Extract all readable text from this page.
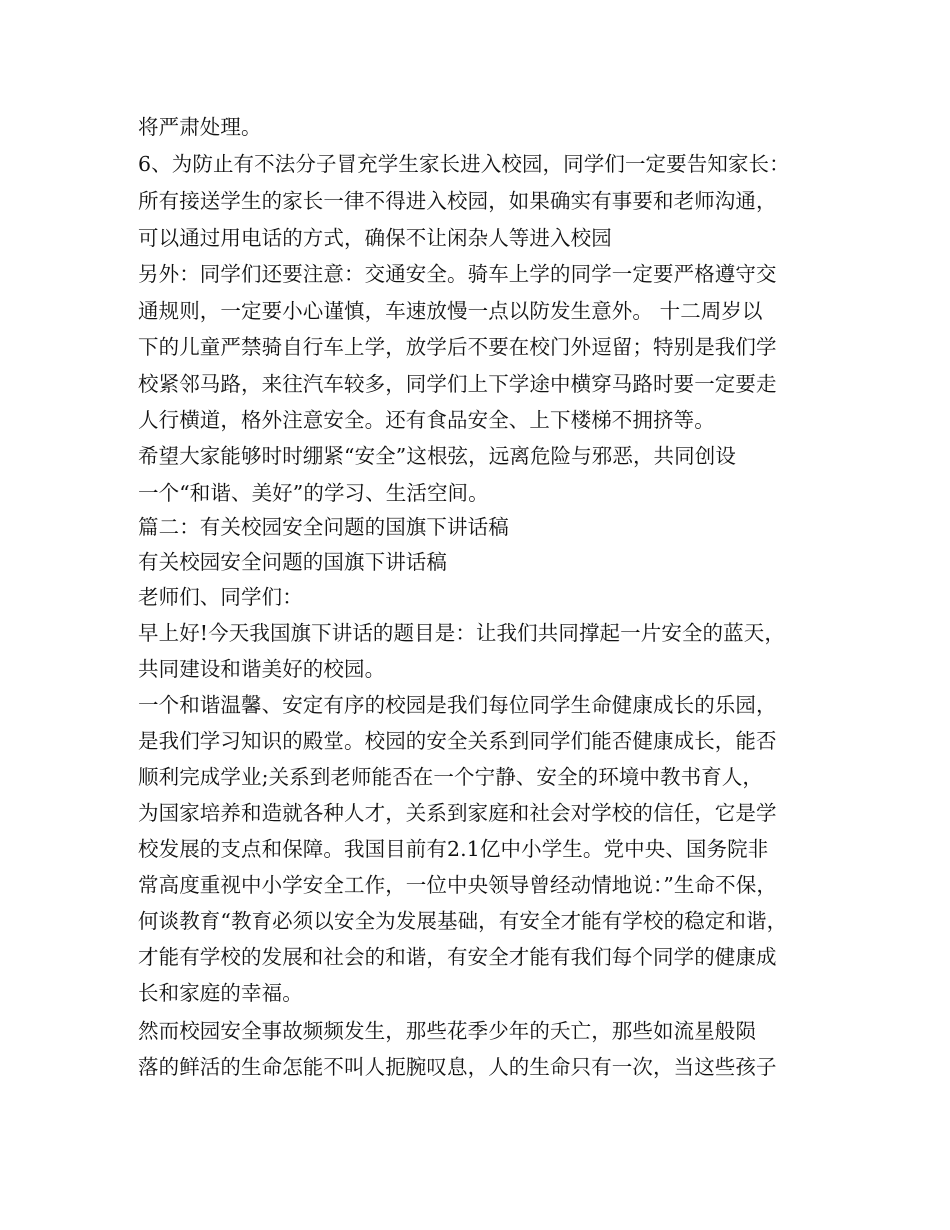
将严肃处理。
6、为防止有不法分子冒充学生家长进入校园，同学们一定要告知家长：
所有接送学生的家长一律不得进入校园，如果确实有事要和老师沟通，
可以通过用电话的方式，确保不让闲杂人等进入校园
另外：同学们还要注意：交通安全。骑车上学的同学一定要严格遵守交
通规则，一定要小心谨慎，车速放慢一点以防发生意外。 十二周岁以
下的儿童严禁骑自行车上学，放学后不要在校门外逗留；特别是我们学
校紧邻马路，来往汽车较多，同学们上下学途中横穿马路时要一定要走
人行横道，格外注意安全。还有食品安全、上下楼梯不拥挤等。
希望大家能够时时绷紧“安全”这根弦，远离危险与邪恶，共同创设
一个“和谐、美好”的学习、生活空间。
篇二：有关校园安全问题的国旗下讲话稿
有关校园安全问题的国旗下讲话稿
老师们、同学们：
早上好!今天我国旗下讲话的题目是：让我们共同撑起一片安全的蓝天，
共同建设和谐美好的校园。
一个和谐温馨、安定有序的校园是我们每位同学生命健康成长的乐园，
是我们学习知识的殿堂。校园的安全关系到同学们能否健康成长，能否
顺利完成学业;关系到老师能否在一个宁静、安全的环境中教书育人，
为国家培养和造就各种人才，关系到家庭和社会对学校的信任，它是学
校发展的支点和保障。我国目前有2.1亿中小学生。党中央、国务院非
常高度重视中小学安全工作，一位中央领导曾经动情地说：”生命不保，
何谈教育“教育必须以安全为发展基础，有安全才能有学校的稳定和谐，
才能有学校的发展和社会的和谐，有安全才能有我们每个同学的健康成
长和家庭的幸福。
然而校园安全事故频频发生，那些花季少年的夭亡，那些如流星般陨
落的鲜活的生命怎能不叫人扼腕叹息，人的生命只有一次，当这些孩子
